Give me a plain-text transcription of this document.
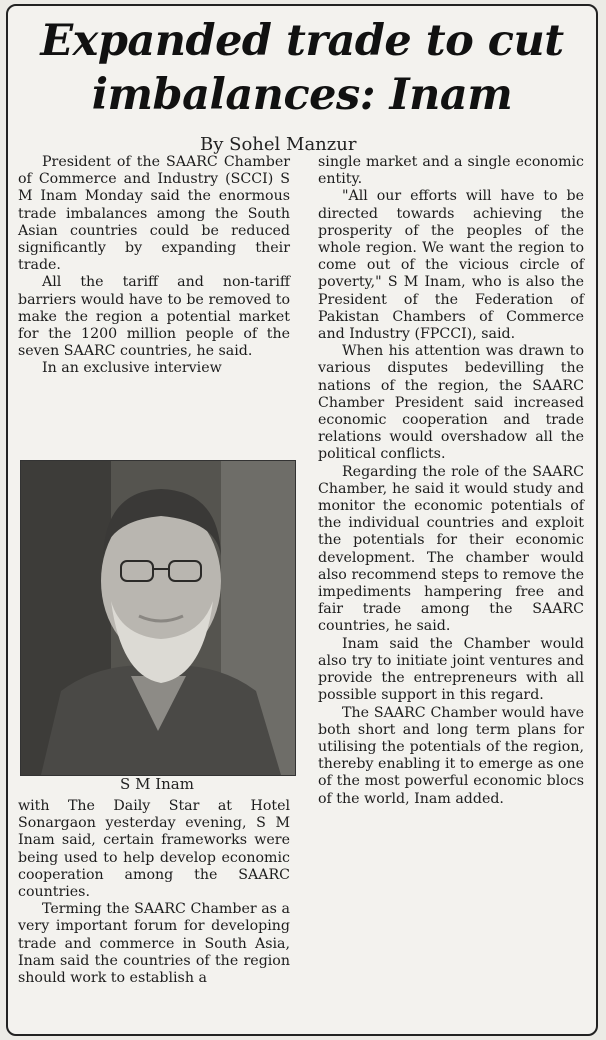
Expanded trade to cut
imbalances: Inam
By Sohel Manzur

President of the SAARC Chamber of Commerce and Industry (SCCI) S M Inam Monday said the enormous trade imbalances among the South Asian countries could be reduced significantly by expanding their trade.

All the tariff and non-tariff barriers would have to be removed to make the region a potential market for the 1200 million people of the seven SAARC countries, he said.

In an exclusive interview

S M Inam

with The Daily Star at Hotel Sonargaon yesterday evening, S M Inam said, certain frameworks were being used to help develop economic cooperation among the SAARC countries.

Terming the SAARC Chamber as a very important forum for developing trade and commerce in South Asia, Inam said the countries of the region should work to establish a

single market and a single economic entity.

"All our efforts will have to be directed towards achieving the prosperity of the peoples of the whole region. We want the region to come out of the vicious circle of poverty," S M Inam, who is also the President of the Federation of Pakistan Chambers of Commerce and Industry (FPCCI), said.

When his attention was drawn to various disputes bedevilling the nations of the region, the SAARC Chamber President said increased economic cooperation and trade relations would overshadow all the political conflicts.

Regarding the role of the SAARC Chamber, he said it would study and monitor the economic potentials of the individual countries and exploit the potentials for their economic development. The chamber would also recommend steps to remove the impediments hampering free and fair trade among the SAARC countries, he said.

Inam said the Chamber would also try to initiate joint ventures and provide the entrepreneurs with all possible support in this regard.

The SAARC Chamber would have both short and long term plans for utilising the potentials of the region, thereby enabling it to emerge as one of the most powerful economic blocs of the world, Inam added.
